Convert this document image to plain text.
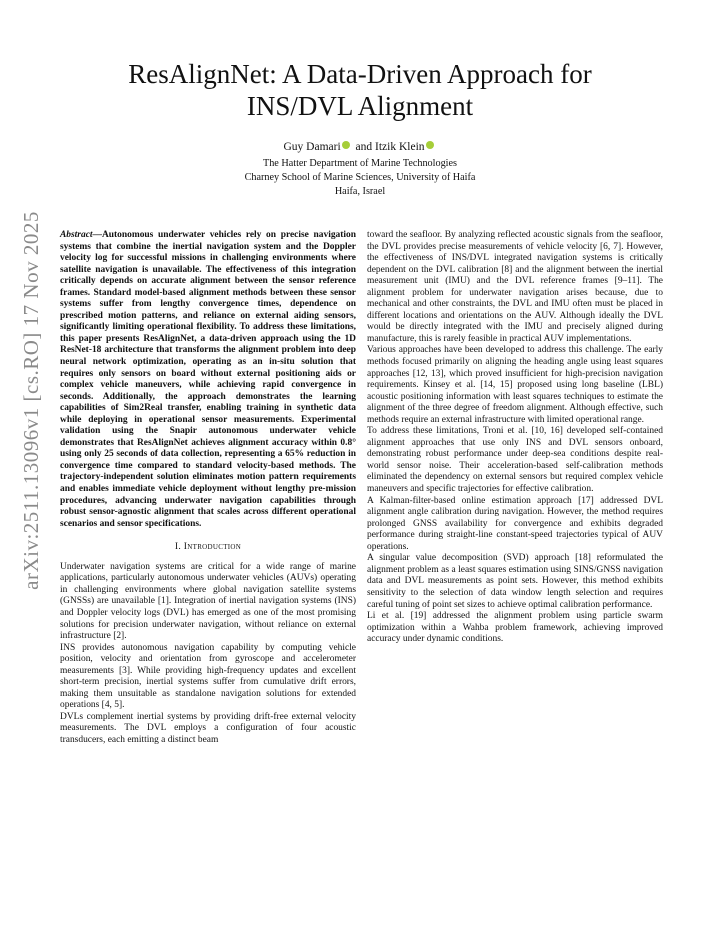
arXiv:2511.13096v1 [cs.RO] 17 Nov 2025
ResAlignNet: A Data-Driven Approach for
INS/DVL Alignment
Guy Damari and Itzik Klein
The Hatter Department of Marine Technologies
Charney School of Marine Sciences, University of Haifa
Haifa, Israel

Abstract—Autonomous underwater vehicles rely on precise navigation systems that combine the inertial navigation system and the Doppler velocity log for successful missions in challenging environments where satellite navigation is unavailable. The effectiveness of this integration critically depends on accurate alignment between the sensor reference frames. Standard model-based alignment methods between these sensor systems suffer from lengthy convergence times, dependence on prescribed motion patterns, and reliance on external aiding sensors, significantly limiting operational flexibility. To address these limitations, this paper presents ResAlignNet, a data-driven approach using the 1D ResNet-18 architecture that transforms the alignment problem into deep neural network optimization, operating as an in-situ solution that requires only sensors on board without external positioning aids or complex vehicle maneuvers, while achieving rapid convergence in seconds. Additionally, the approach demonstrates the learning capabilities of Sim2Real transfer, enabling training in synthetic data while deploying in operational sensor measurements. Experimental validation using the Snapir autonomous underwater vehicle demonstrates that ResAlignNet achieves alignment accuracy within 0.8° using only 25 seconds of data collection, representing a 65% reduction in convergence time compared to standard velocity-based methods. The trajectory-independent solution eliminates motion pattern requirements and enables immediate vehicle deployment without lengthy pre-mission procedures, advancing underwater navigation capabilities through robust sensor-agnostic alignment that scales across different operational scenarios and sensor specifications.

I. Introduction

Underwater navigation systems are critical for a wide range of marine applications, particularly autonomous underwater vehicles (AUVs) operating in challenging environments where global navigation satellite systems (GNSSs) are unavailable [1]. Integration of inertial navigation systems (INS) and Doppler velocity logs (DVL) has emerged as one of the most promising solutions for precision underwater navigation, without reliance on external infrastructure [2].

INS provides autonomous navigation capability by computing vehicle position, velocity and orientation from gyroscope and accelerometer measurements [3]. While providing high-frequency updates and excellent short-term precision, inertial systems suffer from cumulative drift errors, making them unsuitable as standalone navigation solutions for extended operations [4, 5].

DVLs complement inertial systems by providing drift-free external velocity measurements. The DVL employs a configuration of four acoustic transducers, each emitting a distinct beam

toward the seafloor. By analyzing reflected acoustic signals from the seafloor, the DVL provides precise measurements of vehicle velocity [6, 7]. However, the effectiveness of INS/DVL integrated navigation systems is critically dependent on the DVL calibration [8] and the alignment between the inertial measurement unit (IMU) and the DVL reference frames [9–11]. The alignment problem for underwater navigation arises because, due to mechanical and other constraints, the DVL and IMU often must be placed in different locations and orientations on the AUV. Although ideally the DVL would be directly integrated with the IMU and precisely aligned during manufacture, this is rarely feasible in practical AUV implementations.

Various approaches have been developed to address this challenge. The early methods focused primarily on aligning the heading angle using least squares approaches [12, 13], which proved insufficient for high-precision navigation requirements. Kinsey et al. [14, 15] proposed using long baseline (LBL) acoustic positioning information with least squares techniques to estimate the alignment of the three degree of freedom alignment. Although effective, such methods require an external infrastructure with limited operational range.

To address these limitations, Troni et al. [10, 16] developed self-contained alignment approaches that use only INS and DVL sensors onboard, demonstrating robust performance under deep-sea conditions despite real-world sensor noise. Their acceleration-based self-calibration methods eliminated the dependency on external sensors but required complex vehicle maneuvers and specific trajectories for effective calibration.

A Kalman-filter-based online estimation approach [17] addressed DVL alignment angle calibration during navigation. However, the method requires prolonged GNSS availability for convergence and exhibits degraded performance during straight-line constant-speed trajectories typical of AUV operations.

A singular value decomposition (SVD) approach [18] reformulated the alignment problem as a least squares estimation using SINS/GNSS navigation data and DVL measurements as point sets. However, this method exhibits sensitivity to the selection of data window length selection and requires careful tuning of point set sizes to achieve optimal calibration performance.

Li et al. [19] addressed the alignment problem using particle swarm optimization within a Wahba problem framework, achieving improved accuracy under dynamic conditions.
